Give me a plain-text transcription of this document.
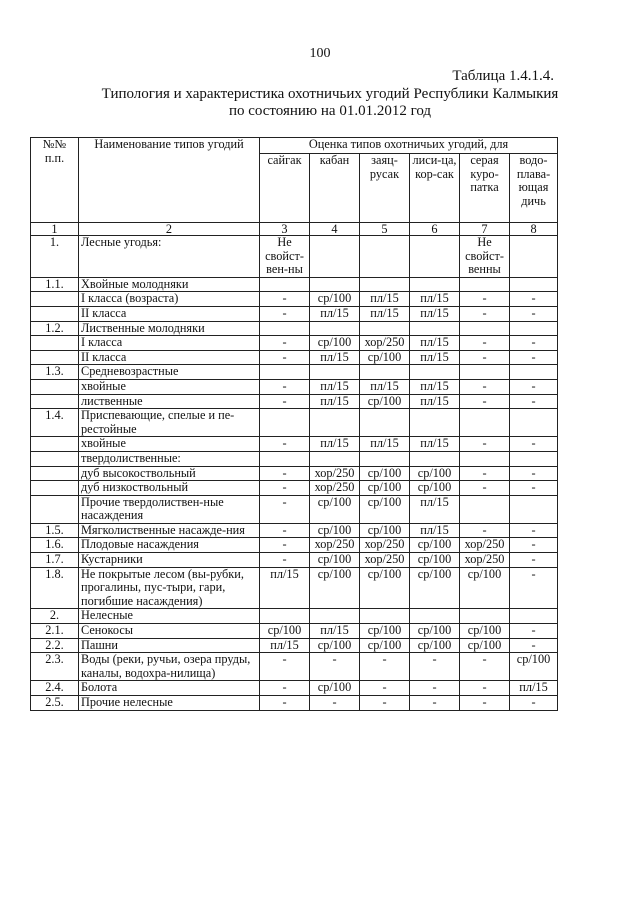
100
Таблица 1.4.1.4.
Типология и характеристика охотничьих угодий Республики Калмыкия
по состоянию на 01.01.2012 год
№№ п.п.	Наименование типов угодий	Оценка типов охотничьих угодий, для					
		сайгак	кабан	заяц-русак	лиси-ца, кор-сак	серая куро-патка	водо-плава-ющая дичь
1	2	3	4	5	6	7	8
1.	Лесные угодья:	Не свойст-вен-ны				Не свойст-венны	
1.1.	Хвойные молодняки						
	I класса (возраста)	-	ср/100	пл/15	пл/15	-	-
	II класса	-	пл/15	пл/15	пл/15	-	-
1.2.	Лиственные молодняки						
	I класса	-	ср/100	хор/250	пл/15	-	-
	II класса	-	пл/15	ср/100	пл/15	-	-
1.3.	Средневозрастные						
	хвойные	-	пл/15	пл/15	пл/15	-	-
	лиственные	-	пл/15	ср/100	пл/15	-	-
1.4.	Приспевающие, спелые и пе-рестойные						
	хвойные	-	пл/15	пл/15	пл/15	-	-
	твердолиственные:						
	дуб высокоствольный	-	хор/250	ср/100	ср/100	-	-
	дуб низкоствольный	-	хор/250	ср/100	ср/100	-	-
	Прочие твердолиствен-ные насаждения	-	ср/100	ср/100	пл/15		
1.5.	Мягколиственные насажде-ния	-	ср/100	ср/100	пл/15	-	-
1.6.	Плодовые насаждения	-	хор/250	хор/250	ср/100	хор/250	-
1.7.	Кустарники	-	ср/100	хор/250	ср/100	хор/250	-
1.8.	Не покрытые лесом (вы-рубки, прогалины, пус-тыри, гари, погибшие насаждения)	пл/15	ср/100	ср/100	ср/100	ср/100	-
2.	Нелесные						
2.1.	Сенокосы	ср/100	пл/15	ср/100	ср/100	ср/100	-
2.2.	Пашни	пл/15	ср/100	ср/100	ср/100	ср/100	-
2.3.	Воды (реки, ручьи, озера пруды, каналы, водохра-нилища)	-	-	-	-	-	ср/100
2.4.	Болота	-	ср/100	-	-	-	пл/15
2.5.	Прочие нелесные	-	-	-	-	-	-
